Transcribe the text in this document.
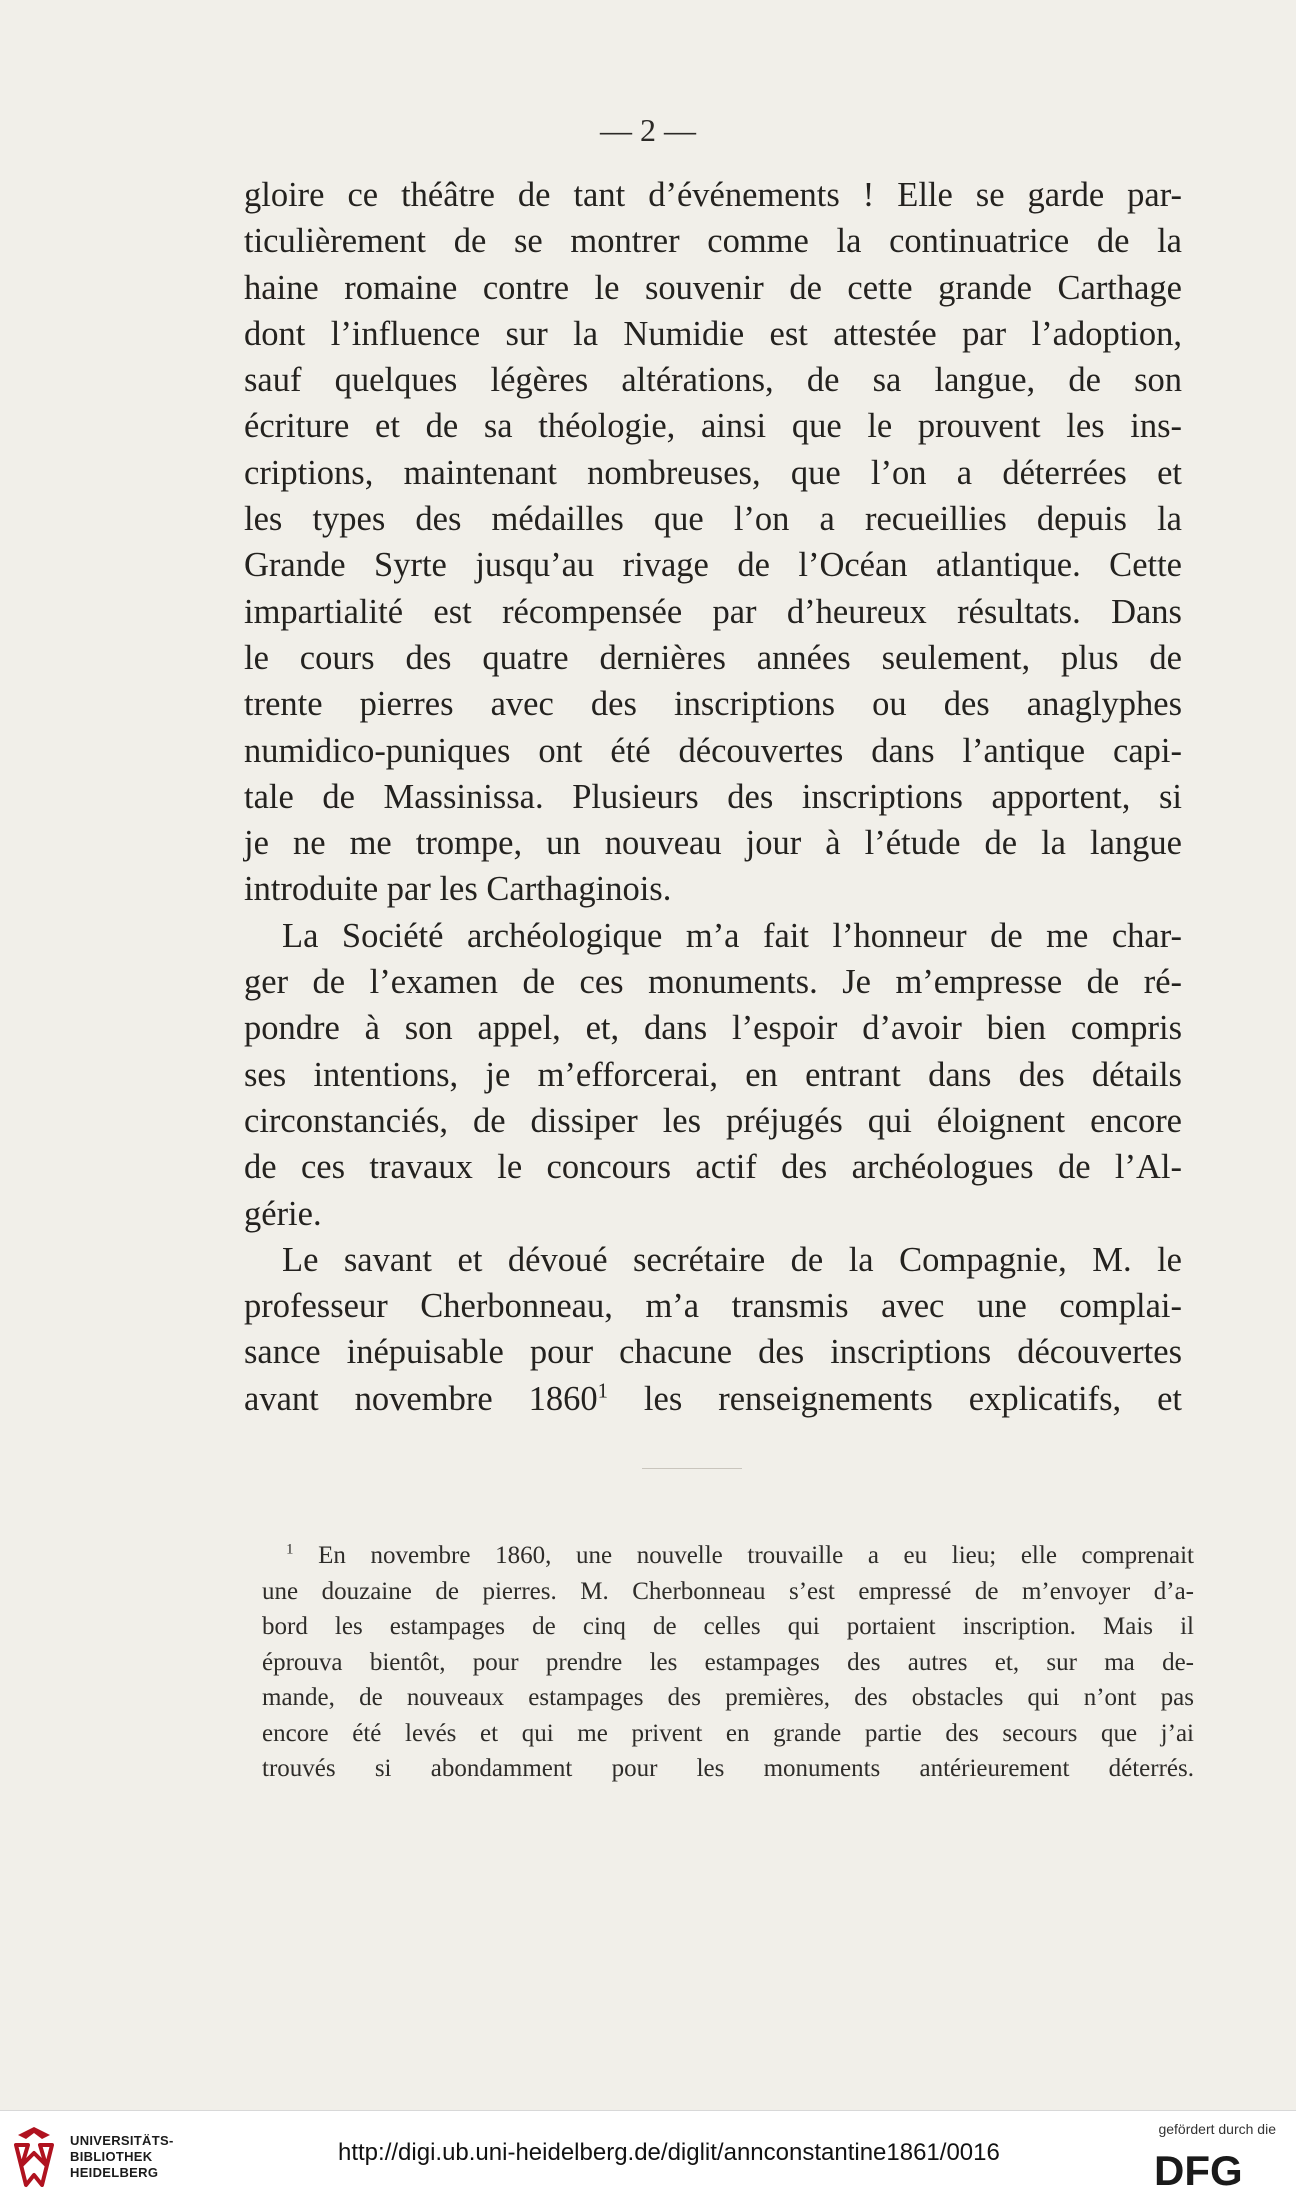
— 2 —
gloire ce théâtre de tant d’événements ! Elle se garde par-
ticulièrement de se montrer comme la continuatrice de la
haine romaine contre le souvenir de cette grande Carthage
dont l’influence sur la Numidie est attestée par l’adoption,
sauf quelques légères altérations, de sa langue, de son
écriture et de sa théologie, ainsi que le prouvent les ins-
criptions, maintenant nombreuses, que l’on a déterrées et
les types des médailles que l’on a recueillies depuis la
Grande Syrte jusqu’au rivage de l’Océan atlantique. Cette
impartialité est récompensée par d’heureux résultats. Dans
le cours des quatre dernières années seulement, plus de
trente pierres avec des inscriptions ou des anaglyphes
numidico-puniques ont été découvertes dans l’antique capi-
tale de Massinissa. Plusieurs des inscriptions apportent, si
je ne me trompe, un nouveau jour à l’étude de la langue
introduite par les Carthaginois.
La Société archéologique m’a fait l’honneur de me char-
ger de l’examen de ces monuments. Je m’empresse de ré-
pondre à son appel, et, dans l’espoir d’avoir bien compris
ses intentions, je m’efforcerai, en entrant dans des détails
circonstanciés, de dissiper les préjugés qui éloignent encore
de ces travaux le concours actif des archéologues de l’Al-
gérie.
Le savant et dévoué secrétaire de la Compagnie, M. le
professeur Cherbonneau, m’a transmis avec une complai-
sance inépuisable pour chacune des inscriptions découvertes
avant novembre 1860$^1$ les renseignements explicatifs, et
$^1$ En novembre 1860, une nouvelle trouvaille a eu lieu; elle comprenait
une douzaine de pierres. M. Cherbonneau s’est empressé de m’envoyer d’a-
bord les estampages de cinq de celles qui portaient inscription. Mais il
éprouva bientôt, pour prendre les estampages des autres et, sur ma de-
mande, de nouveaux estampages des premières, des obstacles qui n’ont pas
encore été levés et qui me privent en grande partie des secours que j’ai
trouvés si abondamment pour les monuments antérieurement déterrés.
UNIVERSITÄTS-
BIBLIOTHEK
HEIDELBERG
http://digi.ub.uni-heidelberg.de/diglit/annconstantine1861/0016
gefördert durch die
DFG
